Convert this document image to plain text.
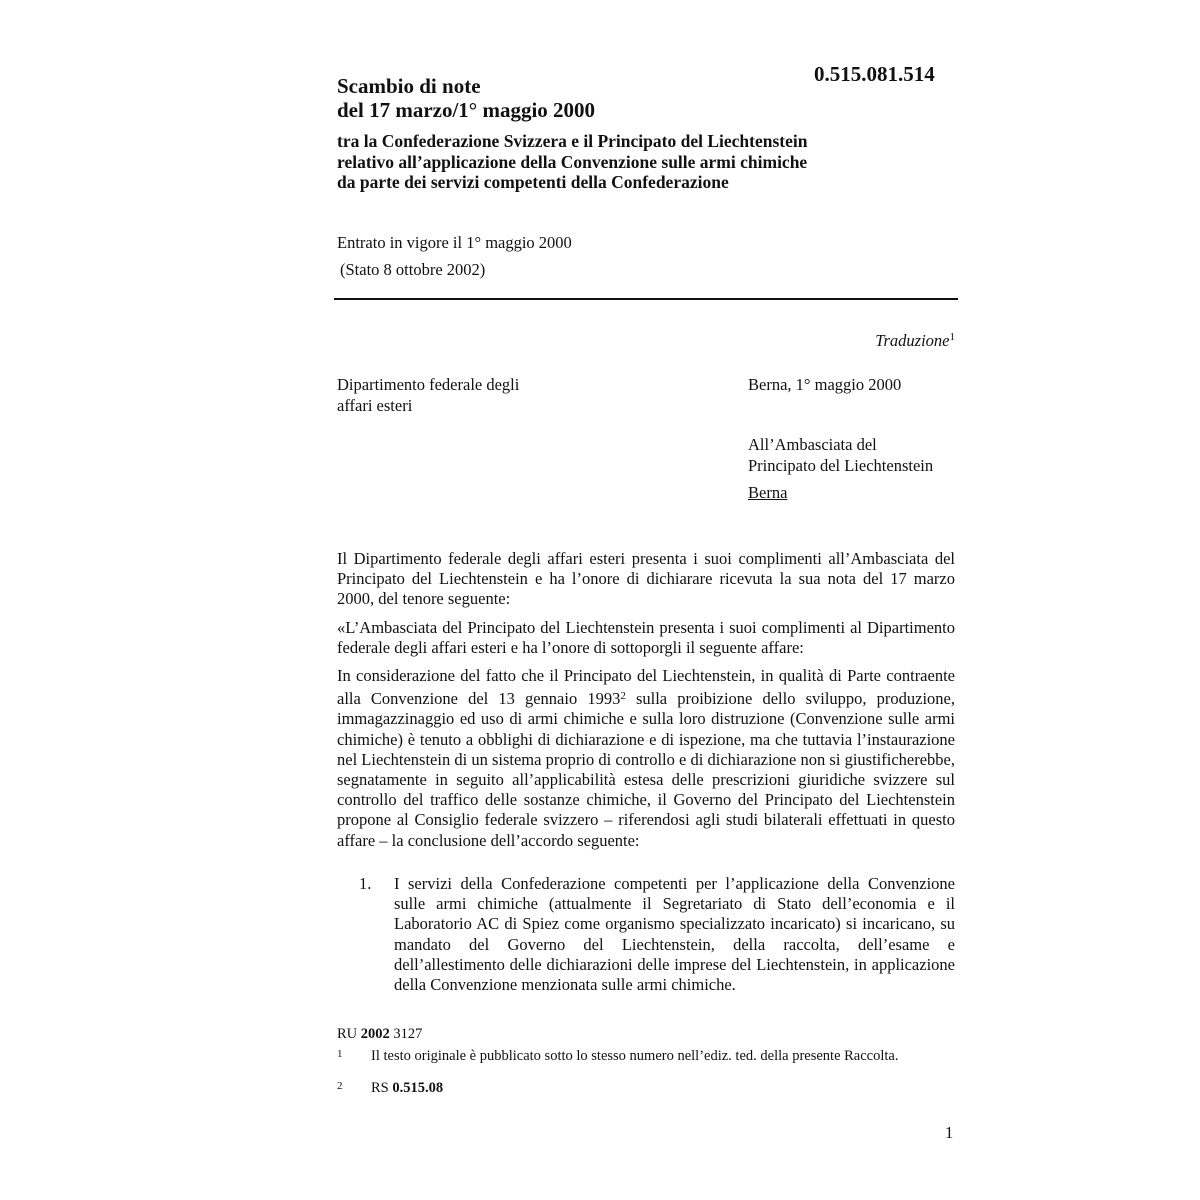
Scambio di note
del 17 marzo/1° maggio 2000
0.515.081.514
tra la Confederazione Svizzera e il Principato del Liechtenstein
relativo all’applicazione della Convenzione sulle armi chimiche
da parte dei servizi competenti della Confederazione
Entrato in vigore il 1° maggio 2000
(Stato 8 ottobre 2002)
Traduzione$^1$
Dipartimento federale degli
affari esteri
Berna, 1° maggio 2000
All’Ambasciata del
Principato del Liechtenstein
Berna

Il Dipartimento federale degli affari esteri presenta i suoi complimenti all’Ambasciata del Principato del Liechtenstein e ha l’onore di dichiarare ricevuta la sua nota del 17 marzo 2000, del tenore seguente:

«L’Ambasciata del Principato del Liechtenstein presenta i suoi complimenti al Dipartimento federale degli affari esteri e ha l’onore di sottoporgli il seguente affare:

In considerazione del fatto che il Principato del Liechtenstein, in qualità di Parte contraente alla Convenzione del 13 gennaio 1993$^2$ sulla proibizione dello sviluppo, produzione, immagazzinaggio ed uso di armi chimiche e sulla loro distruzione (Convenzione sulle armi chimiche) è tenuto a obblighi di dichiarazione e di ispezione, ma che tuttavia l’instaurazione nel Liechtenstein di un sistema proprio di controllo e di dichiarazione non si giustificherebbe, segnatamente in seguito all’applicabilità estesa delle prescrizioni giuridiche svizzere sul controllo del traffico delle sostanze chimiche, il Governo del Principato del Liechtenstein propone al Consiglio federale svizzero – riferendosi agli studi bilaterali effettuati in questo affare – la conclusione dell’accordo seguente:

1. I servizi della Confederazione competenti per l’applicazione della Convenzione sulle armi chimiche (attualmente il Segretariato di Stato dell’economia e il Laboratorio AC di Spiez come organismo specializzato incaricato) si incaricano, su mandato del Governo del Liechtenstein, della raccolta, dell’esame e dell’allestimento delle dichiarazioni delle imprese del Liechtenstein, in applicazione della Convenzione menzionata sulle armi chimiche.
RU 2002 3127
1 Il testo originale è pubblicato sotto lo stesso numero nell’ediz. ted. della presente Raccolta.
2 RS 0.515.08
1
